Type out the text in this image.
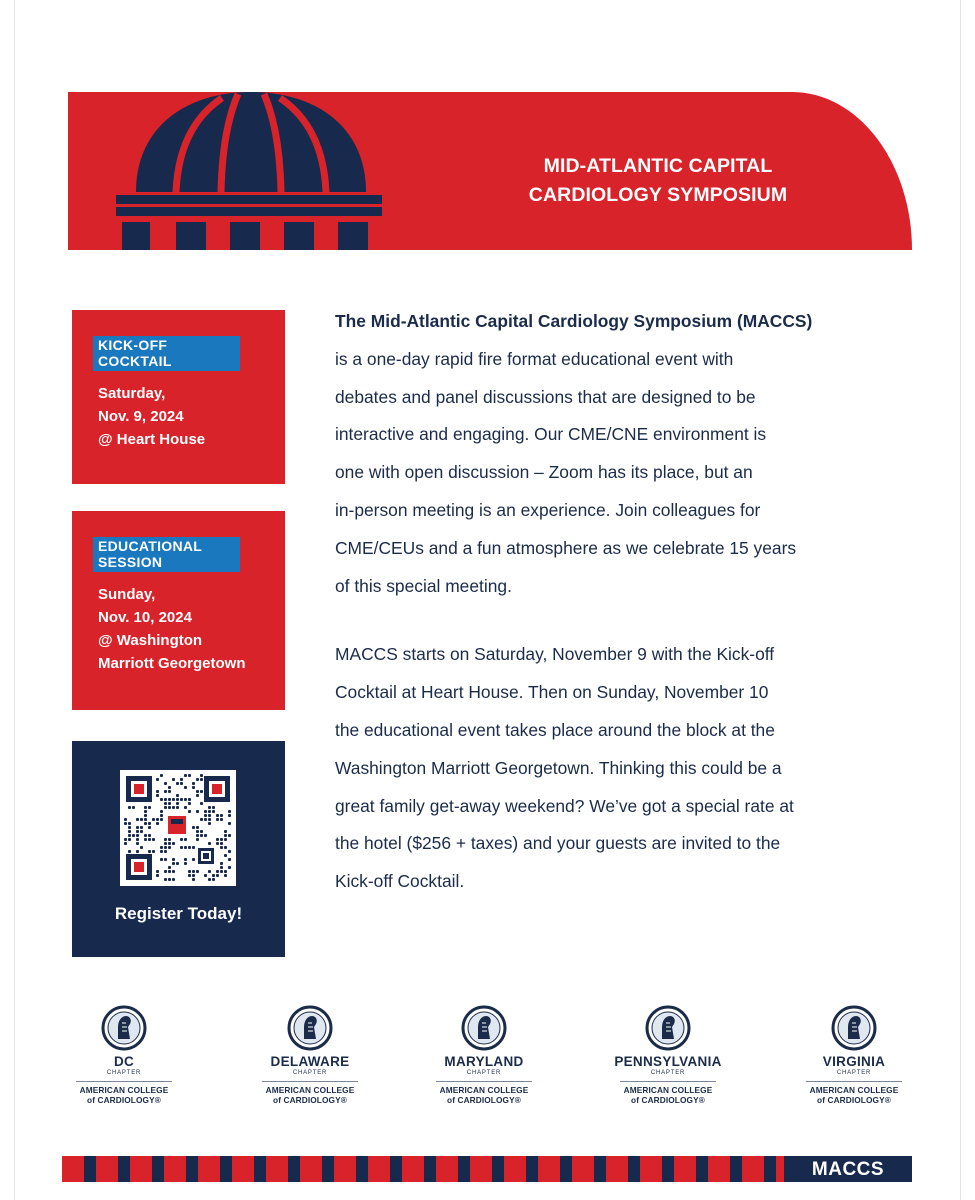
MID-ATLANTIC CAPITAL
CARDIOLOGY SYMPOSIUM
KICK-OFF
COCKTAIL
Saturday,
Nov. 9, 2024
@ Heart House
EDUCATIONAL
SESSION
Sunday,
Nov. 10, 2024
@ Washington
Marriott Georgetown
Register Today!
The Mid-Atlantic Capital Cardiology Symposium (MACCS)
is a one-day rapid fire format educational event with
debates and panel discussions that are designed to be
interactive and engaging. Our CME/CNE environment is
one with open discussion – Zoom has its place, but an
in-person meeting is an experience. Join colleagues for
CME/CEUs and a fun atmosphere as we celebrate 15 years
of this special meeting.
MACCS starts on Saturday, November 9 with the Kick-off
Cocktail at Heart House. Then on Sunday, November 10
the educational event takes place around the block at the
Washington Marriott Georgetown. Thinking this could be a
great family get-away weekend? We’ve got a special rate at
the hotel ($256 + taxes) and your guests are invited to the
Kick-off Cocktail.
DC
CHAPTER
AMERICAN COLLEGE
of CARDIOLOGY®
DELAWARE
CHAPTER
AMERICAN COLLEGE
of CARDIOLOGY®
MARYLAND
CHAPTER
AMERICAN COLLEGE
of CARDIOLOGY®
PENNSYLVANIA
CHAPTER
AMERICAN COLLEGE
of CARDIOLOGY®
VIRGINIA
CHAPTER
AMERICAN COLLEGE
of CARDIOLOGY®
MACCS
